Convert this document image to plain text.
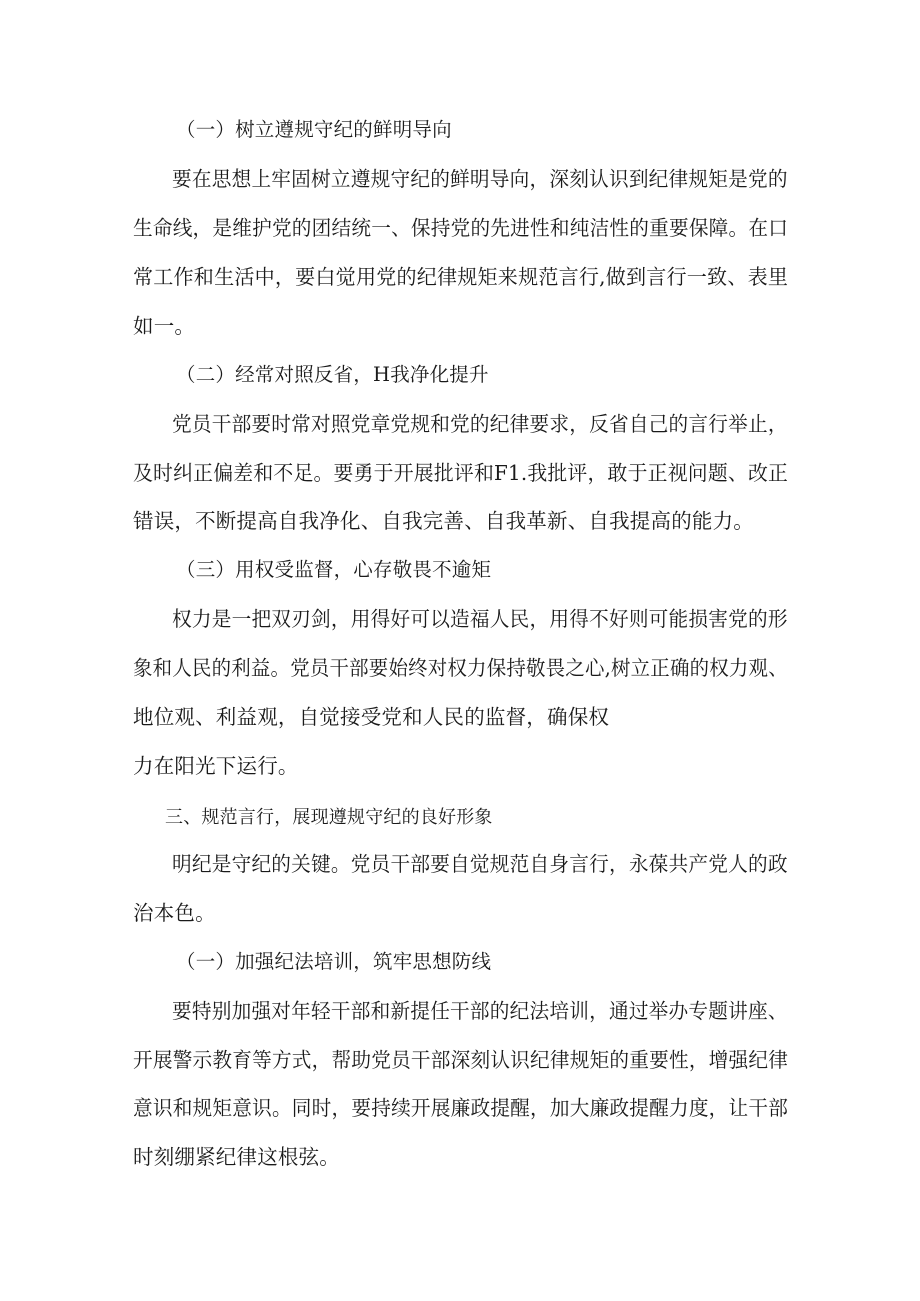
（一）树立遵规守纪的鲜明导向
要在思想上牢固树立遵规守纪的鲜明导向，深刻认识到纪律规矩是党的
生命线，是维护党的团结统一、保持党的先进性和纯洁性的重要保障。在口
常工作和生活中，要白觉用党的纪律规矩来规范言行,做到言行一致、表里
如一。
（二）经常对照反省，H我净化提升
党员干部要时常对照党章党规和党的纪律要求，反省自己的言行举止，
及时纠正偏差和不足。要勇于开展批评和F1.我批评，敢于正视问题、改正
错误，不断提高自我净化、自我完善、自我革新、自我提高的能力。
（三）用权受监督，心存敬畏不逾矩
权力是一把双刃剑，用得好可以造福人民，用得不好则可能损害党的形
象和人民的利益。党员干部要始终对权力保持敬畏之心,树立正确的权力观、
地位观、利益观，自觉接受党和人民的监督，确保权
力在阳光下运行。
三、规范言行，展现遵规守纪的良好形象
明纪是守纪的关键。党员干部要自觉规范自身言行，永葆共产党人的政
治本色。
（一）加强纪法培训，筑牢思想防线
要特别加强对年轻干部和新提任干部的纪法培训，通过举办专题讲座、
开展警示教育等方式，帮助党员干部深刻认识纪律规矩的重要性，增强纪律
意识和规矩意识。同时，要持续开展廉政提醒，加大廉政提醒力度，让干部
时刻绷紧纪律这根弦。
